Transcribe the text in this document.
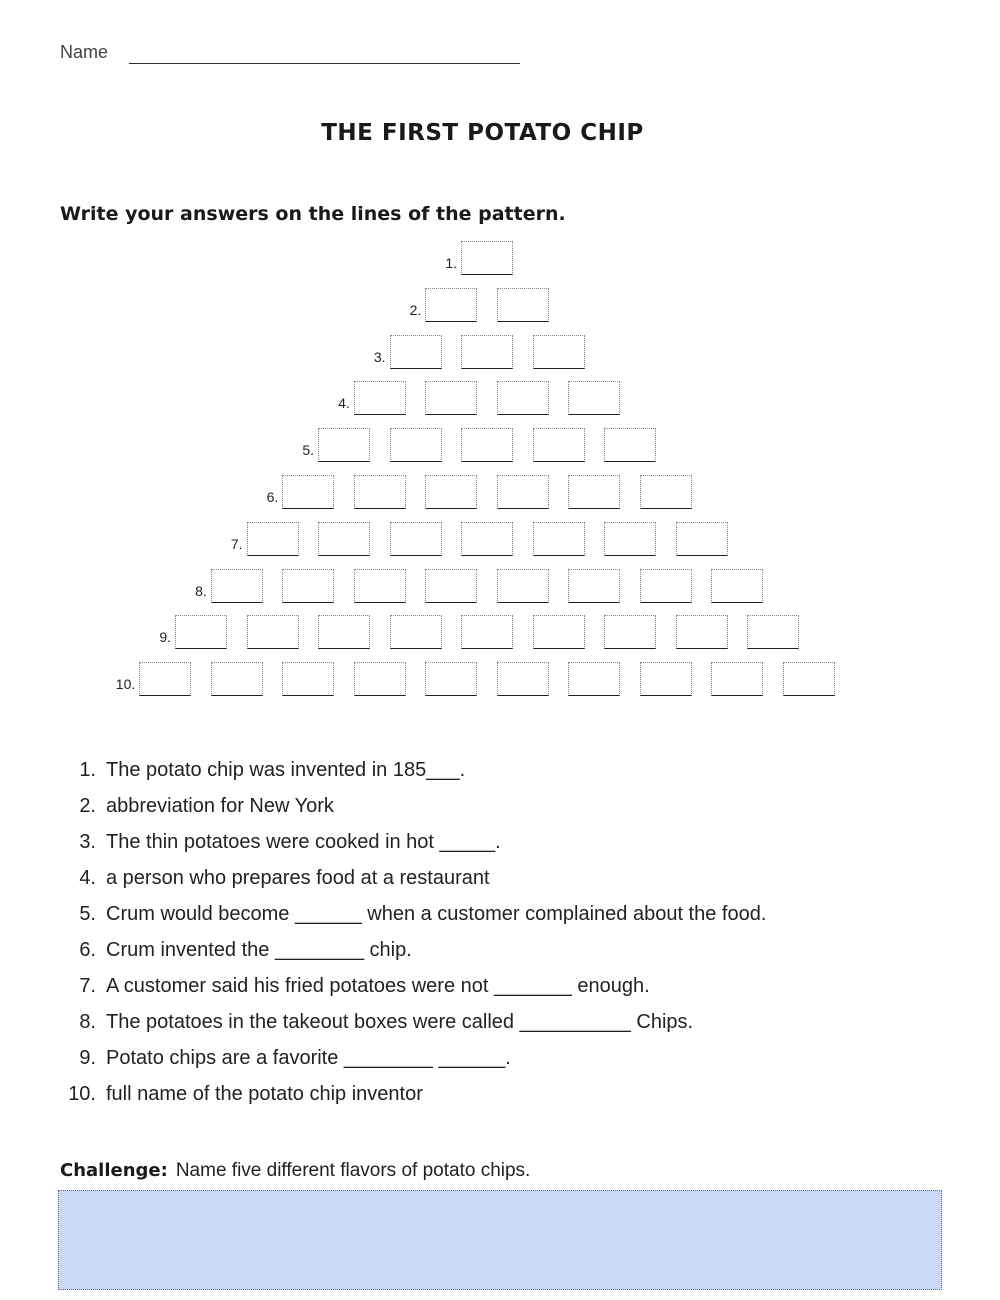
Name
THE FIRST POTATO CHIP
Write your answers on the lines of the pattern.
1.
2.
3.
4.
5.
6.
7.
8.
9.
10.
1. The potato chip was invented in 185___.
2. abbreviation for New York
3. The thin potatoes were cooked in hot _____.
4. a person who prepares food at a restaurant
5. Crum would become ______ when a customer complained about the food.
6. Crum invented the ________ chip.
7. A customer said his fried potatoes were not _______ enough.
8. The potatoes in the takeout boxes were called __________ Chips.
9. Potato chips are a favorite ________ ______.
10. full name of the potato chip inventor
Challenge: Name five different flavors of potato chips.
